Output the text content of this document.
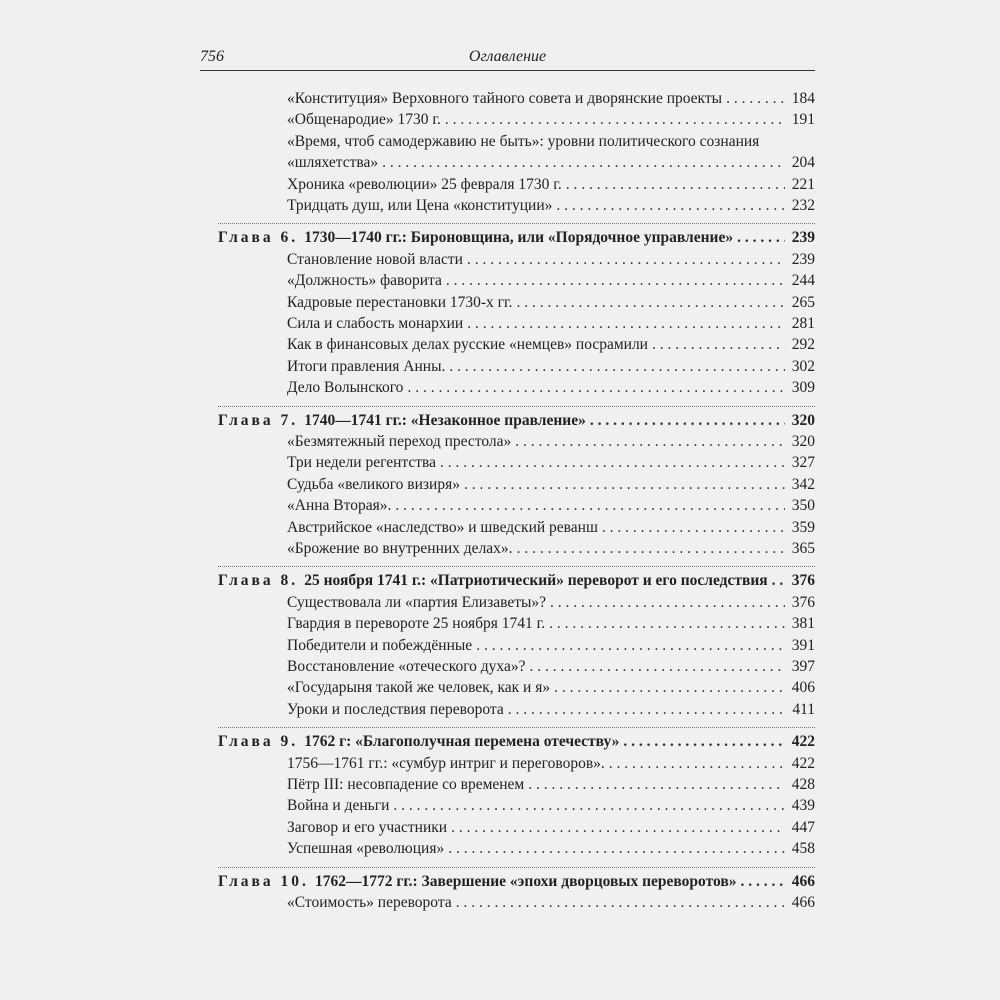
756	Оглавление
«Конституция» Верховного тайного совета и дворянские проекты . . .	184
«Общенародие» 1730 г. . . .	191
«Время, чтоб самодержавию не быть»: уровни политического сознания
«шляхетства» . . .	204
Хроника «революции» 25 февраля 1730 г. . . .	221
Тридцать душ, или Цена «конституции» . . .	232
Глава 6. 1730—1740 гг.: Бироновщина, или «Порядочное управление» . . .	239
Становление новой власти . . .	239
«Должность» фаворита . . .	244
Кадровые перестановки 1730-х гг. . . .	265
Сила и слабость монархии . . .	281
Как в финансовых делах русские «немцев» посрамили . . .	292
Итоги правления Анны. . . .	302
Дело Волынского . . .	309
Глава 7. 1740—1741 гг.: «Незаконное правление» . . .	320
«Безмятежный переход престола» . . .	320
Три недели регентства . . .	327
Судьба «великого визиря» . . .	342
«Анна Вторая». . . .	350
Австрийское «наследство» и шведский реванш . . .	359
«Брожение во внутренних делах». . . .	365
Глава 8. 25 ноября 1741 г.: «Патриотический» переворот и его последствия . . . 376
Существовала ли «партия Елизаветы»? . . .	376
Гвардия в перевороте 25 ноября 1741 г. . . .	381
Победители и побеждённые . . .	391
Восстановление «отеческого духа»? . . .	397
«Государыня такой же человек, как и я» . . .	406
Уроки и последствия переворота . . .	411
Глава 9. 1762 г: «Благополучная перемена отечеству» . . .	422
1756—1761 гг.: «сумбур интриг и переговоров». . . .	422
Пётр III: несовпадение со временем . . .	428
Война и деньги . . .	439
Заговор и его участники . . .	447
Успешная «революция» . . .	458
Глава 10. 1762—1772 гг.: Завершение «эпохи дворцовых переворотов» . . .	466
«Стоимость» переворота . . .	466
